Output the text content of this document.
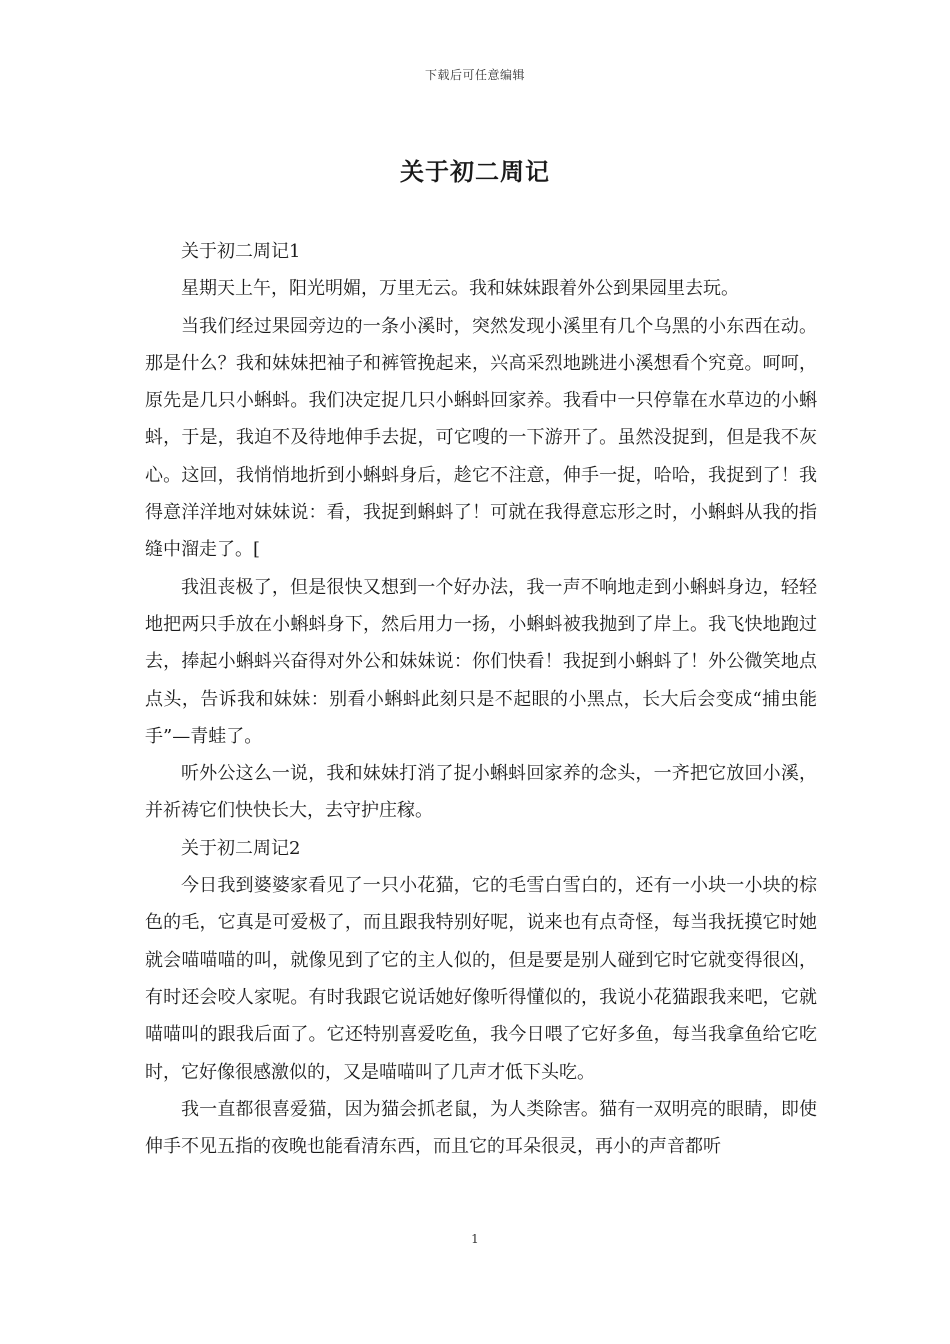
下载后可任意编辑
关于初二周记

关于初二周记1

星期天上午，阳光明媚，万里无云。我和妹妹跟着外公到果园里去玩。

当我们经过果园旁边的一条小溪时，突然发现小溪里有几个乌黑的小东西在动。那是什么？我和妹妹把袖子和裤管挽起来，兴高采烈地跳进小溪想看个究竟。呵呵，原先是几只小蝌蚪。我们决定捉几只小蝌蚪回家养。我看中一只停靠在水草边的小蝌蚪，于是，我迫不及待地伸手去捉，可它嗖的一下游开了。虽然没捉到，但是我不灰心。这回，我悄悄地折到小蝌蚪身后，趁它不注意，伸手一捉，哈哈，我捉到了！我得意洋洋地对妹妹说：看，我捉到蝌蚪了！可就在我得意忘形之时，小蝌蚪从我的指缝中溜走了。[

我沮丧极了，但是很快又想到一个好办法，我一声不响地走到小蝌蚪身边，轻轻地把两只手放在小蝌蚪身下，然后用力一扬，小蝌蚪被我抛到了岸上。我飞快地跑过去，捧起小蝌蚪兴奋得对外公和妹妹说：你们快看！我捉到小蝌蚪了！外公微笑地点点头，告诉我和妹妹：别看小蝌蚪此刻只是不起眼的小黑点，长大后会变成“捕虫能手”—青蛙了。

听外公这么一说，我和妹妹打消了捉小蝌蚪回家养的念头，一齐把它放回小溪，并祈祷它们快快长大，去守护庄稼。

关于初二周记2

今日我到婆婆家看见了一只小花猫，它的毛雪白雪白的，还有一小块一小块的棕色的毛，它真是可爱极了，而且跟我特别好呢，说来也有点奇怪，每当我抚摸它时她就会喵喵喵的叫，就像见到了它的主人似的，但是要是别人碰到它时它就变得很凶，有时还会咬人家呢。有时我跟它说话她好像听得懂似的，我说小花猫跟我来吧，它就喵喵叫的跟我后面了。它还特别喜爱吃鱼，我今日喂了它好多鱼，每当我拿鱼给它吃时，它好像很感激似的，又是喵喵叫了几声才低下头吃。

我一直都很喜爱猫，因为猫会抓老鼠，为人类除害。猫有一双明亮的眼睛，即使伸手不见五指的夜晚也能看清东西，而且它的耳朵很灵，再小的声音都听

1
